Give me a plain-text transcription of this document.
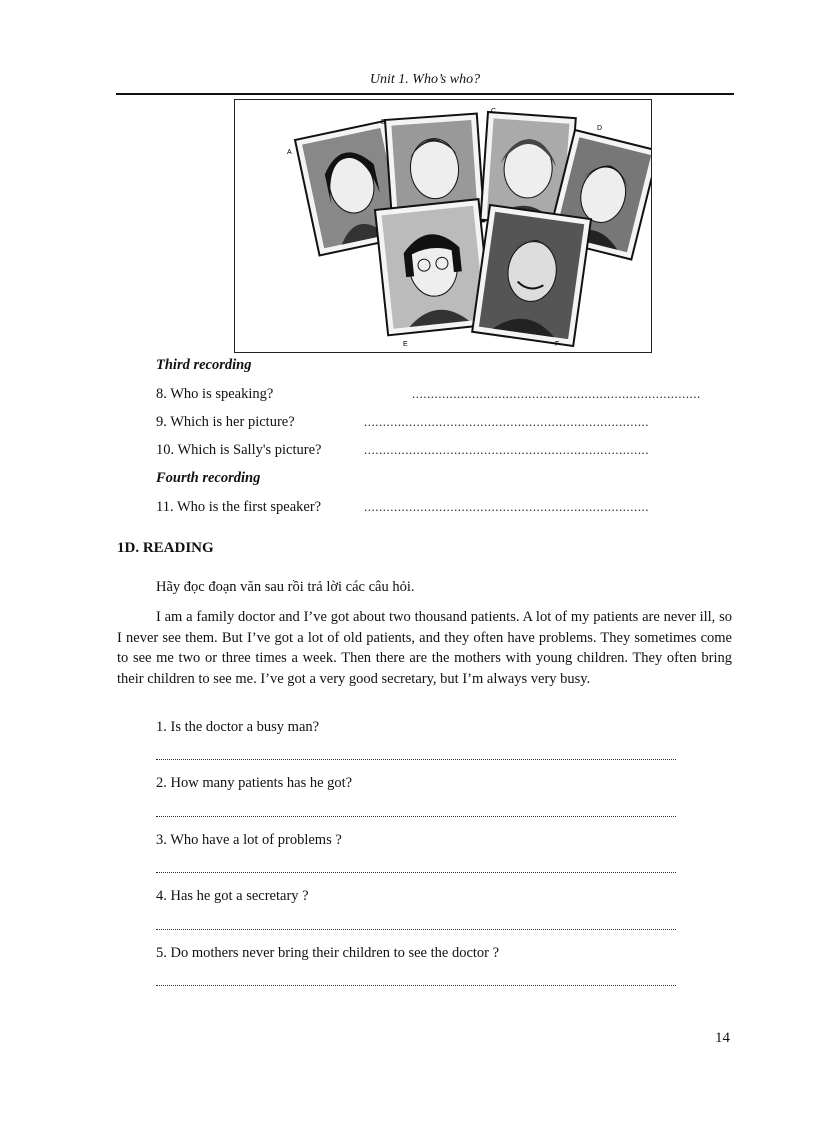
Unit 1. Who’s who?
A
B
C
D
E	F
Third recording
8. Who is speaking?	.............................................................................
9. Which is her picture?	............................................................................
10. Which is Sally's picture?	............................................................................
Fourth recording
11. Who is the first speaker?	............................................................................
1D. READING
Hãy đọc đoạn văn sau rồi trả lời các câu hỏi.
I am a family doctor and I’ve got about two thousand patients. A lot of my patients are never ill, so I never see them. But I’ve got a lot of old patients, and they often have problems. They sometimes come to see me two or three times a week. Then there are the mothers with young children. They often bring their children to see me. I’ve got a very good secretary, but I’m always very busy.
1. Is the doctor a busy man?
2. How many patients has he got?
3. Who have a lot of problems ?
4. Has he got a secretary ?
5. Do mothers never bring their children to see the doctor ?
14
